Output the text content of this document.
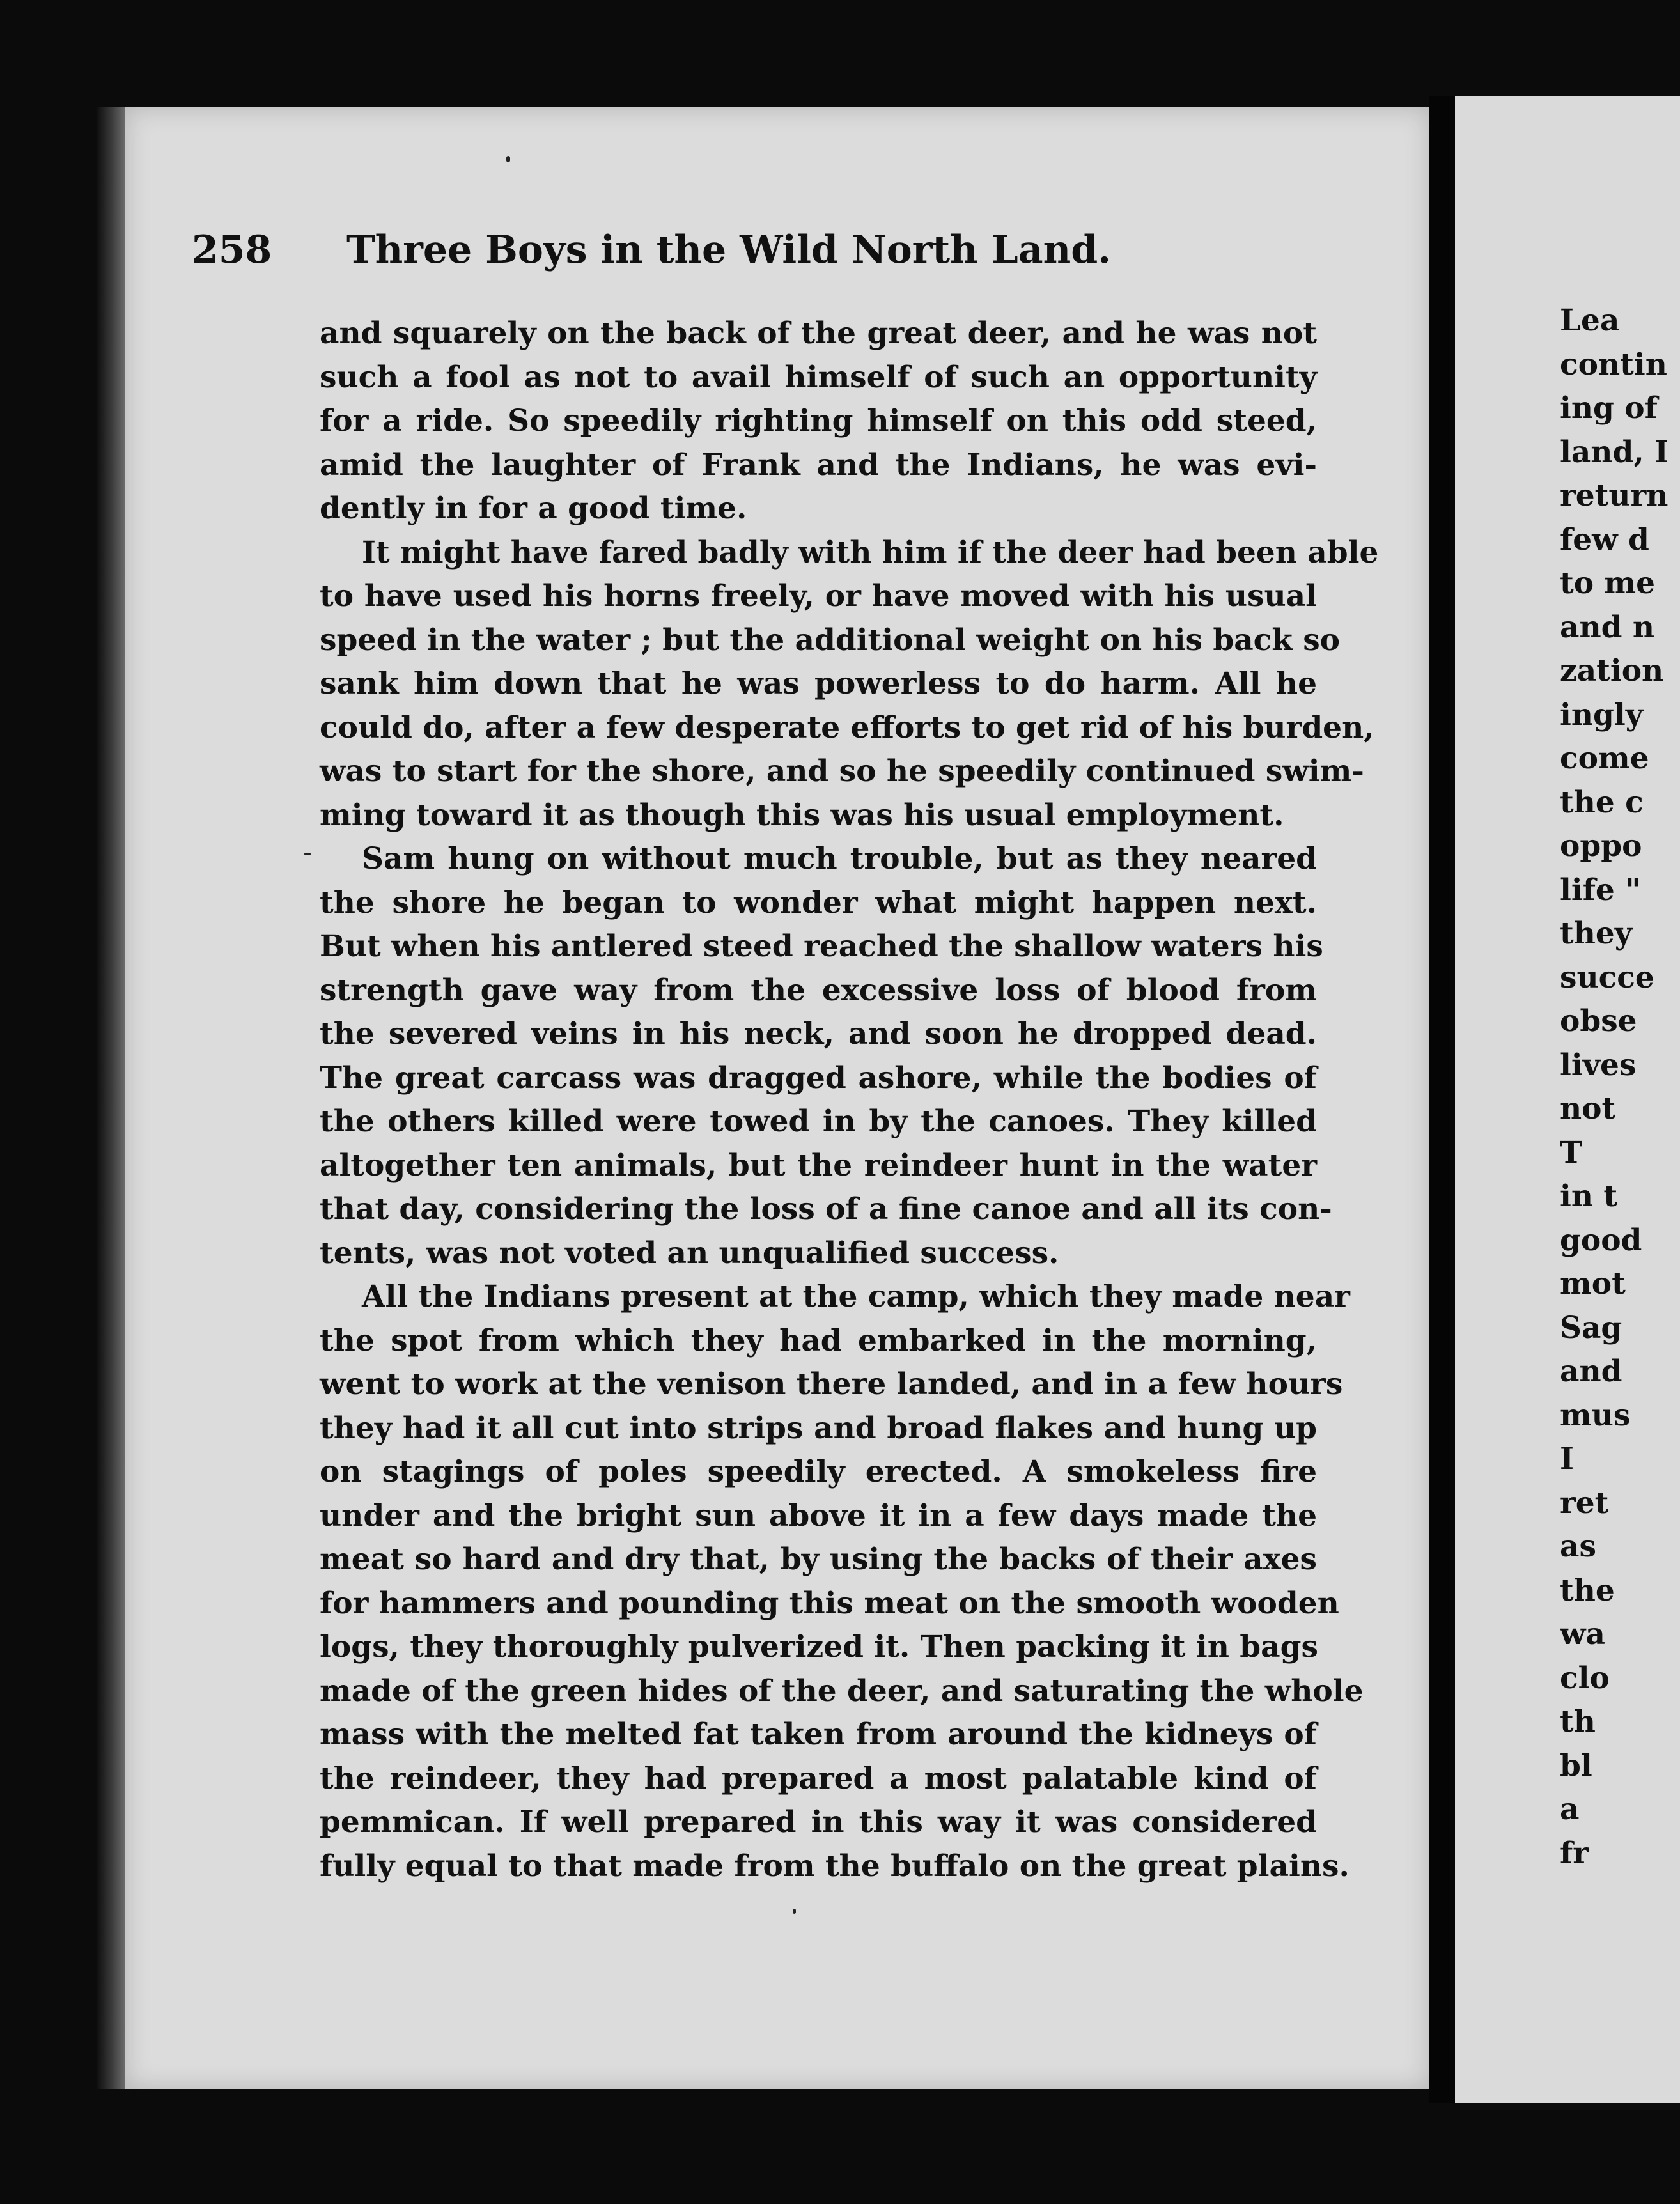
258 Three Boys in the Wild North Land.

and squarely on the back of the great deer, and he was not
such a fool as not to avail himself of such an opportunity
for a ride. So speedily righting himself on this odd steed,
amid the laughter of Frank and the Indians, he was evi-
dently in for a good time.

It might have fared badly with him if the deer had been able
to have used his horns freely, or have moved with his usual
speed in the water ; but the additional weight on his back so
sank him down that he was powerless to do harm. All he
could do, after a few desperate efforts to get rid of his burden,
was to start for the shore, and so he speedily continued swim-
ming toward it as though this was his usual employment.

Sam hung on without much trouble, but as they neared
the shore he began to wonder what might happen next.
But when his antlered steed reached the shallow waters his
strength gave way from the excessive loss of blood from
the severed veins in his neck, and soon he dropped dead.
The great carcass was dragged ashore, while the bodies of
the others killed were towed in by the canoes. They killed
altogether ten animals, but the reindeer hunt in the water
that day, considering the loss of a fine canoe and all its con-
tents, was not voted an unqualified success.

All the Indians present at the camp, which they made near
the spot from which they had embarked in the morning,
went to work at the venison there landed, and in a few hours
they had it all cut into strips and broad flakes and hung up
on stagings of poles speedily erected. A smokeless fire
under and the bright sun above it in a few days made the
meat so hard and dry that, by using the backs of their axes
for hammers and pounding this meat on the smooth wooden
logs, they thoroughly pulverized it. Then packing it in bags
made of the green hides of the deer, and saturating the whole
mass with the melted fat taken from around the kidneys of
the reindeer, they had prepared a most palatable kind of
pemmican. If well prepared in this way it was considered
fully equal to that made from the buffalo on the great plains.

Lea
contin
ing of
land, I
return
few d
to me
and n
zation
ingly
come
the c
oppo
life "
they
succe
obse
lives
not
T
in t
good
mot
Sag
and
mus
I
ret
as
the
wa
clo
th
bl
a
fr
